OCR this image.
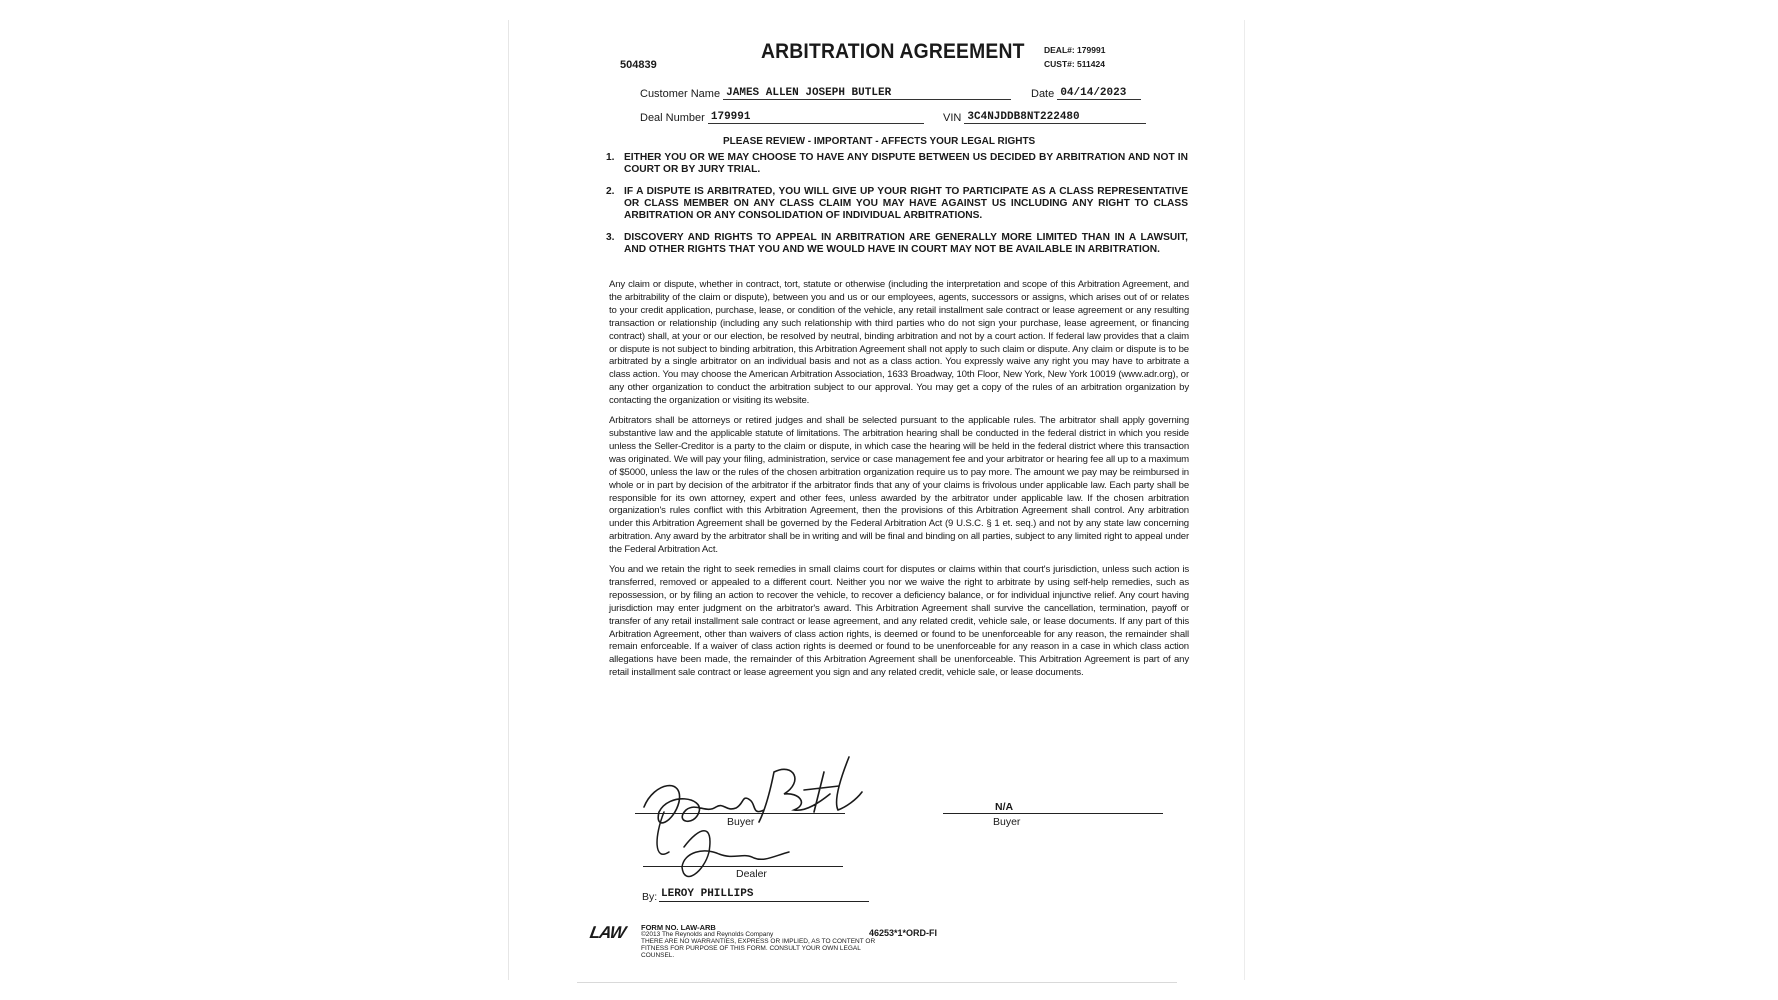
504839
ARBITRATION AGREEMENT DEAL#: 179991
CUST#: 511424
Customer Name JAMES ALLEN JOSEPH BUTLER	Date 04/14/2023
Deal Number 179991	VIN 3C4NJDDB8NT222480
PLEASE REVIEW - IMPORTANT - AFFECTS YOUR LEGAL RIGHTS
1. EITHER YOU OR WE MAY CHOOSE TO HAVE ANY DISPUTE BETWEEN US DECIDED BY ARBITRATION AND NOT IN COURT OR BY JURY TRIAL.
2. IF A DISPUTE IS ARBITRATED, YOU WILL GIVE UP YOUR RIGHT TO PARTICIPATE AS A CLASS REPRESENTATIVE OR CLASS MEMBER ON ANY CLASS CLAIM YOU MAY HAVE AGAINST US INCLUDING ANY RIGHT TO CLASS ARBITRATION OR ANY CONSOLIDATION OF INDIVIDUAL ARBITRATIONS.
3. DISCOVERY AND RIGHTS TO APPEAL IN ARBITRATION ARE GENERALLY MORE LIMITED THAN IN A LAWSUIT, AND OTHER RIGHTS THAT YOU AND WE WOULD HAVE IN COURT MAY NOT BE AVAILABLE IN ARBITRATION.

Any claim or dispute, whether in contract, tort, statute or otherwise (including the interpretation and scope of this Arbitration Agreement, and the arbitrability of the claim or dispute), between you and us or our employees, agents, successors or assigns, which arises out of or relates to your credit application, purchase, lease, or condition of the vehicle, any retail installment sale contract or lease agreement or any resulting transaction or relationship (including any such relationship with third parties who do not sign your purchase, lease agreement, or financing contract) shall, at your or our election, be resolved by neutral, binding arbitration and not by a court action. If federal law provides that a claim or dispute is not subject to binding arbitration, this Arbitration Agreement shall not apply to such claim or dispute. Any claim or dispute is to be arbitrated by a single arbitrator on an individual basis and not as a class action. You expressly waive any right you may have to arbitrate a class action. You may choose the American Arbitration Association, 1633 Broadway, 10th Floor, New York, New York 10019 (www.adr.org), or any other organization to conduct the arbitration subject to our approval. You may get a copy of the rules of an arbitration organization by contacting the organization or visiting its website.

Arbitrators shall be attorneys or retired judges and shall be selected pursuant to the applicable rules. The arbitrator shall apply governing substantive law and the applicable statute of limitations. The arbitration hearing shall be conducted in the federal district in which you reside unless the Seller-Creditor is a party to the claim or dispute, in which case the hearing will be held in the federal district where this transaction was originated. We will pay your filing, administration, service or case management fee and your arbitrator or hearing fee all up to a maximum of $5000, unless the law or the rules of the chosen arbitration organization require us to pay more. The amount we pay may be reimbursed in whole or in part by decision of the arbitrator if the arbitrator finds that any of your claims is frivolous under applicable law. Each party shall be responsible for its own attorney, expert and other fees, unless awarded by the arbitrator under applicable law. If the chosen arbitration organization's rules conflict with this Arbitration Agreement, then the provisions of this Arbitration Agreement shall control. Any arbitration under this Arbitration Agreement shall be governed by the Federal Arbitration Act (9 U.S.C. § 1 et. seq.) and not by any state law concerning arbitration. Any award by the arbitrator shall be in writing and will be final and binding on all parties, subject to any limited right to appeal under the Federal Arbitration Act.

You and we retain the right to seek remedies in small claims court for disputes or claims within that court's jurisdiction, unless such action is transferred, removed or appealed to a different court. Neither you nor we waive the right to arbitrate by using self-help remedies, such as repossession, or by filing an action to recover the vehicle, to recover a deficiency balance, or for individual injunctive relief. Any court having jurisdiction may enter judgment on the arbitrator's award. This Arbitration Agreement shall survive the cancellation, termination, payoff or transfer of any retail installment sale contract or lease agreement, and any related credit, vehicle sale, or lease documents. If any part of this Arbitration Agreement, other than waivers of class action rights, is deemed or found to be unenforceable for any reason, the remainder shall remain enforceable. If a waiver of class action rights is deemed or found to be unenforceable for any reason in a case in which class action allegations have been made, the remainder of this Arbitration Agreement shall be unenforceable. This Arbitration Agreement is part of any retail installment sale contract or lease agreement you sign and any related credit, vehicle sale, or lease documents.

Buyer
N/A
Buyer
Dealer
By: LEROY PHILLIPS
LAW FORM NO. LAW-ARB
©2013 The Reynolds and Reynolds Company
THERE ARE NO WARRANTIES, EXPRESS OR IMPLIED, AS TO CONTENT OR FITNESS FOR PURPOSE OF THIS FORM. CONSULT YOUR OWN LEGAL COUNSEL.
46253*1*ORD-FI
